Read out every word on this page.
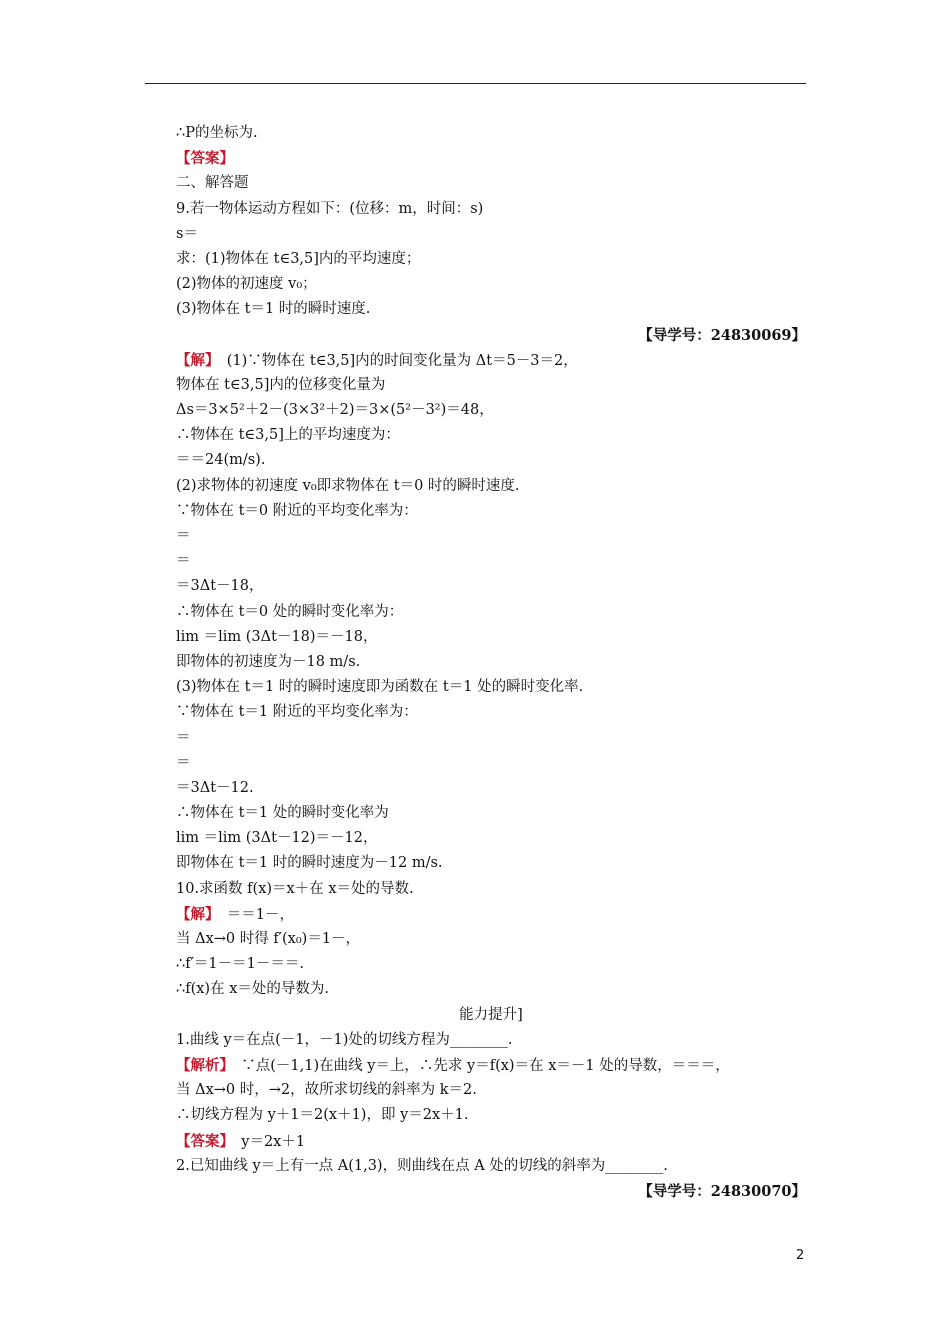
∴P的坐标为.
【答案】
二、解答题
9.若一物体运动方程如下：(位移：m，时间：s)
s＝
求：(1)物体在 t∈3,5]内的平均速度；
(2)物体的初速度 v₀；
(3)物体在 t＝1 时的瞬时速度.
【导学号：24830069】
【解】　(1)∵物体在 t∈3,5]内的时间变化量为 Δt＝5－3＝2，
物体在 t∈3,5]内的位移变化量为
Δs＝3×5²＋2－(3×3²＋2)＝3×(5²－3²)＝48，
∴物体在 t∈3,5]上的平均速度为：
＝＝24(m/s).
(2)求物体的初速度 v₀即求物体在 t＝0 时的瞬时速度.
∵物体在 t＝0 附近的平均变化率为：
＝
＝
＝3Δt－18，
∴物体在 t＝0 处的瞬时变化率为：
lim ＝lim (3Δt－18)＝－18，
即物体的初速度为－18 m/s.
(3)物体在 t＝1 时的瞬时速度即为函数在 t＝1 处的瞬时变化率.
∵物体在 t＝1 附近的平均变化率为：
＝
＝
＝3Δt－12.
∴物体在 t＝1 处的瞬时变化率为
lim ＝lim (3Δt－12)＝－12，
即物体在 t＝1 时的瞬时速度为－12 m/s.
10.求函数 f(x)＝x＋在 x＝处的导数.
【解】　＝＝1－，
当 Δx→0 时得 f′(x₀)＝1－，
∴f′＝1－＝1－＝＝.
∴f(x)在 x＝处的导数为.
能力提升]
1.曲线 y＝在点(－1，－1)处的切线方程为________.
【解析】　∵点(－1,1)在曲线 y＝上，∴先求 y＝f(x)＝在 x＝－1 处的导数，＝＝＝，
当 Δx→0 时，→2，故所求切线的斜率为 k＝2.
∴切线方程为 y＋1＝2(x＋1)，即 y＝2x＋1.
【答案】　y＝2x＋1
2.已知曲线 y＝上有一点 A(1,3)，则曲线在点 A 处的切线的斜率为________.
【导学号：24830070】
2
